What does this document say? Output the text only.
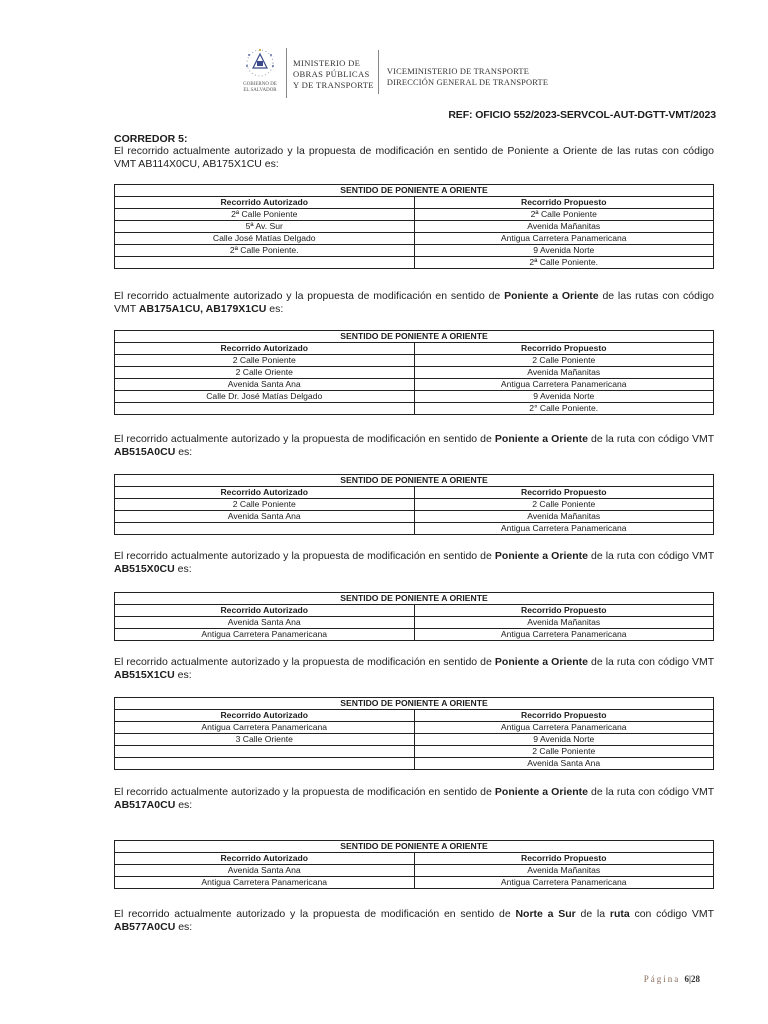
GOBIERNO DE
EL SALVADOR
MINISTERIO DE
OBRAS PÚBLICAS
Y DE TRANSPORTE
VICEMINISTERIO DE TRANSPORTE
DIRECCIÓN GENERAL DE TRANSPORTE
REF: OFICIO 552/2023-SERVCOL-AUT-DGTT-VMT/2023
CORREDOR 5:
El recorrido actualmente autorizado y la propuesta de modificación en sentido de Poniente a Oriente de las rutas con código VMT AB114X0CU, AB175X1CU es:
SENTIDO DE PONIENTE A ORIENTE	
Recorrido Autorizado	Recorrido Propuesto
2ª Calle Poniente	2ª Calle Poniente
5ª Av. Sur	Avenida Mañanitas
Calle José Matías Delgado	Antigua Carretera Panamericana
2ª Calle Poniente.	9 Avenida Norte
	2ª Calle Poniente.
El recorrido actualmente autorizado y la propuesta de modificación en sentido de Poniente a Oriente de las rutas con código VMT AB175A1CU, AB179X1CU es:
SENTIDO DE PONIENTE A ORIENTE	
Recorrido Autorizado	Recorrido Propuesto
2 Calle Poniente	2 Calle Poniente
2 Calle Oriente	Avenida Mañanitas
Avenida Santa Ana	Antigua Carretera Panamericana
Calle Dr. José Matías Delgado	9 Avenida Norte
	2° Calle Poniente.
El recorrido actualmente autorizado y la propuesta de modificación en sentido de Poniente a Oriente de la ruta con código VMT AB515A0CU es:
SENTIDO DE PONIENTE A ORIENTE	
Recorrido Autorizado	Recorrido Propuesto
2 Calle Poniente	2 Calle Poniente
Avenida Santa Ana	Avenida Mañanitas
	Antigua Carretera Panamericana
El recorrido actualmente autorizado y la propuesta de modificación en sentido de Poniente a Oriente de la ruta con código VMT AB515X0CU es:
SENTIDO DE PONIENTE A ORIENTE	
Recorrido Autorizado	Recorrido Propuesto
Avenida Santa Ana	Avenida Mañanitas
Antigua Carretera Panamericana	Antigua Carretera Panamericana
El recorrido actualmente autorizado y la propuesta de modificación en sentido de Poniente a Oriente de la ruta con código VMT AB515X1CU es:
SENTIDO DE PONIENTE A ORIENTE	
Recorrido Autorizado	Recorrido Propuesto
Antigua Carretera Panamericana	Antigua Carretera Panamericana
3 Calle Oriente	9 Avenida Norte
	2 Calle Poniente
	Avenida Santa Ana
El recorrido actualmente autorizado y la propuesta de modificación en sentido de Poniente a Oriente de la ruta con código VMT AB517A0CU es:
SENTIDO DE PONIENTE A ORIENTE	
Recorrido Autorizado	Recorrido Propuesto
Avenida Santa Ana	Avenida Mañanitas
Antigua Carretera Panamericana	Antigua Carretera Panamericana
El recorrido actualmente autorizado y la propuesta de modificación en sentido de Norte a Sur de la ruta con código VMT AB577A0CU es:
Página 6|28
